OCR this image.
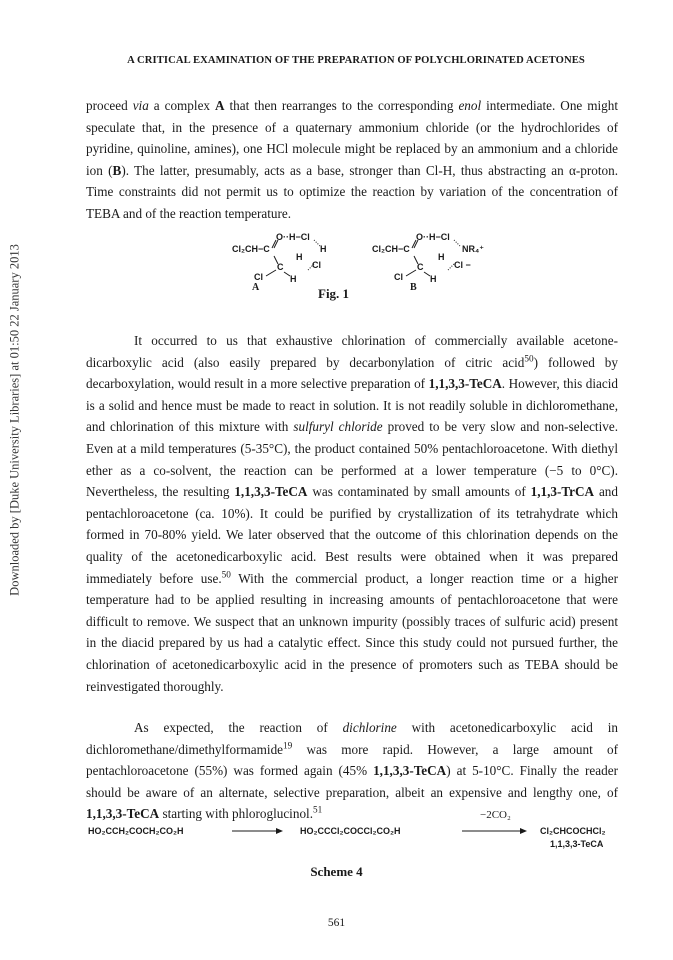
Downloaded by [Duke University Libraries] at 01:50 22 January 2013
A CRITICAL EXAMINATION OF THE PREPARATION OF POLYCHLORINATED ACETONES

proceed via a complex A that then rearranges to the corresponding enol intermediate. One might speculate that, in the presence of a quaternary ammonium chloride (or the hydrochlorides of pyridine, quinoline, amines), one HCl molecule might be replaced by an ammonium and a chloride ion (B). The latter, presumably, acts as a base, stronger than Cl-H, thus abstracting an α-proton. Time constraints did not permit us to optimize the reaction by variation of the concentration of TEBA and of the reaction temperature.

O··H−Cl
Cl₂CH−C	H
H
Cl
C
Cl	H
A
O··H−Cl
Cl₂CH−C	NR₄⁺
H
Cl −
C
Cl	H
B
Fig. 1

It occurred to us that exhaustive chlorination of commercially available acetone-dicarboxylic acid (also easily prepared by decarbonylation of citric acid$^{50}$) followed by decarboxylation, would result in a more selective preparation of 1,1,3,3-TeCA. However, this diacid is a solid and hence must be made to react in solution. It is not readily soluble in dichloromethane, and chlorination of this mixture with sulfuryl chloride proved to be very slow and non-selective. Even at a mild temperatures (5-35°C), the product contained 50% pentachloroacetone. With diethyl ether as a co-solvent, the reaction can be performed at a lower temperature (−5 to 0°C). Nevertheless, the resulting 1,1,3,3-TeCA was contaminated by small amounts of 1,1,3-TrCA and pentachloroacetone (ca. 10%). It could be purified by crystallization of its tetrahydrate which formed in 70-80% yield. We later observed that the outcome of this chlorination depends on the quality of the acetonedicarboxylic acid. Best results were obtained when it was prepared immediately before use.$^{50}$ With the commercial product, a longer reaction time or a higher temperature had to be applied resulting in increasing amounts of pentachloroacetone that were difficult to remove. We suspect that an unknown impurity (possibly traces of sulfuric acid) present in the diacid prepared by us had a catalytic effect. Since this study could not pursued further, the chlorination of acetonedicarboxylic acid in the presence of promoters such as TEBA should be reinvestigated thoroughly.

As expected, the reaction of dichlorine with acetonedicarboxylic acid in dichloromethane/dimethylformamide$^{19}$ was more rapid. However, a large amount of pentachloroacetone (55%) was formed again (45% 1,1,3,3-TeCA) at 5-10°C. Finally the reader should be aware of an alternate, selective preparation, albeit an expensive and lengthy one, of 1,1,3,3-TeCA starting with phloroglucinol.$^{51}$

HO₂CCH₂COCH₂CO₂H	HO₂CCCl₂COCCl₂CO₂H
−2CO₂
Cl₂CHCOCHCl₂
1,1,3,3-TeCA
Scheme 4
561
